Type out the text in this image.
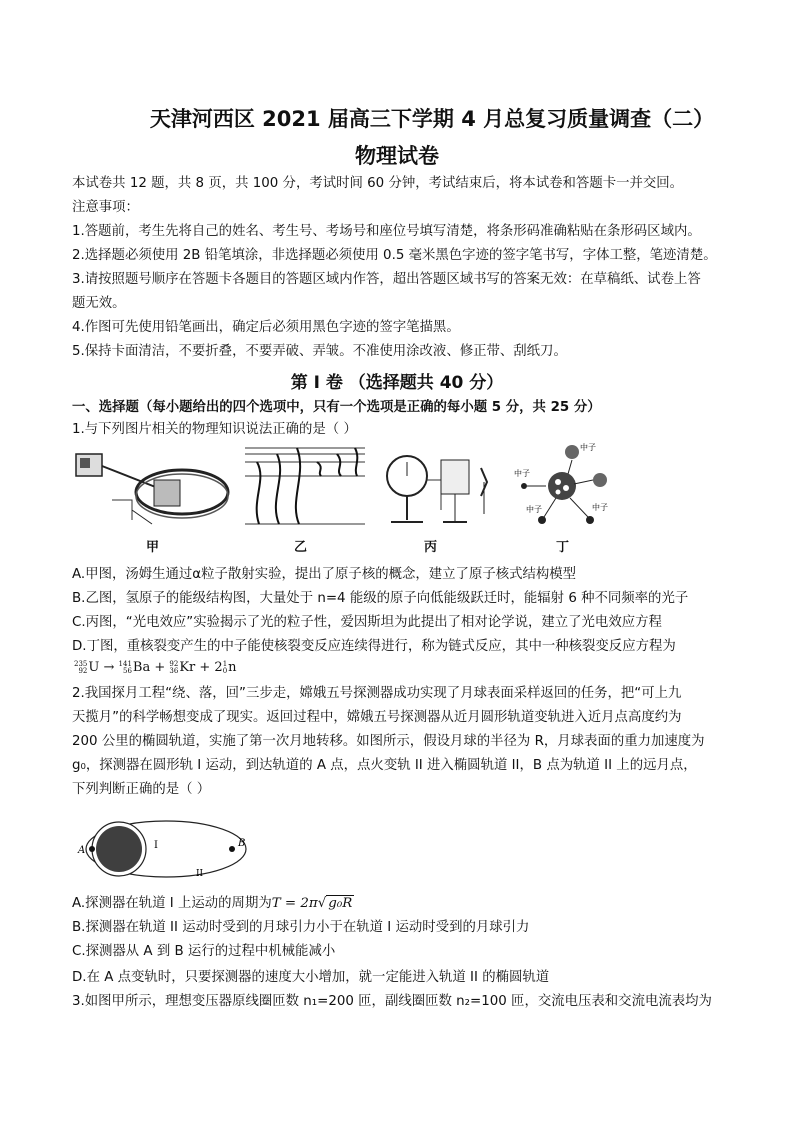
天津河西区 2021 届高三下学期 4 月总复习质量调查（二）
物理试卷
本试卷共 12 题，共 8 页，共 100 分，考试时间 60 分钟，考试结束后，将本试卷和答题卡一并交回。
注意事项：
1.答题前，考生先将自己的姓名、考生号、考场号和座位号填写清楚，将条形码准确粘贴在条形码区域内。
2.选择题必须使用 2B 铅笔填涂，非选择题必须使用 0.5 毫米黑色字迹的签字笔书写，字体工整，笔迹清楚。
3.请按照题号顺序在答题卡各题目的答题区域内作答，超出答题区域书写的答案无效：在草稿纸、试卷上答
题无效。
4.作图可先使用铅笔画出，确定后必须用黑色字迹的签字笔描黑。
5.保持卡面清洁，不要折叠，不要弄破、弄皱。不准使用涂改液、修正带、刮纸刀。
第 I 卷 （选择题共 40 分）
一、选择题（每小题给出的四个选项中，只有一个选项是正确的每小题 5 分，共 25 分）
1.与下列图片相关的物理知识说法正确的是（ ）
中子
中子
中子
中子
甲	乙	丙	丁
A.甲图，汤姆生通过α粒子散射实验，提出了原子核的概念，建立了原子核式结构模型
B.乙图，氢原子的能级结构图，大量处于 n=4 能级的原子向低能级跃迁时，能辐射 6 种不同频率的光子
C.丙图，“光电效应”实验揭示了光的粒子性，爱因斯坦为此提出了相对论学说，建立了光电效应方程
D.丁图，重核裂变产生的中子能使核裂变反应连续得进行，称为链式反应，其中一种核裂变反应方程为
235
92U → 141
56Ba + 92
36Kr + 21
0n
2.我国探月工程“绕、落，回”三步走，嫦娥五号探测器成功实现了月球表面采样返回的任务，把“可上九
天揽月”的科学畅想变成了现实。返回过程中，嫦娥五号探测器从近月圆形轨道变轨进入近月点高度约为
200 公里的椭圆轨道，实施了第一次月地转移。如图所示，假设月球的半径为 R，月球表面的重力加速度为
g₀，探测器在圆形轨 I 运动，到达轨道的 A 点，点火变轨 II 进入椭圆轨道 II，B 点为轨道 II 上的远月点，
下列判断正确的是（ ）
A
B
I
II
A.探测器在轨道 I 上运动的周期为T = 2π√ g₀R
B.探测器在轨道 II 运动时受到的月球引力小于在轨道 I 运动时受到的月球引力
C.探测器从 A 到 B 运行的过程中机械能减小
D.在 A 点变轨时，只要探测器的速度大小增加，就一定能进入轨道 II 的椭圆轨道
3.如图甲所示，理想变压器原线圈匝数 n₁=200 匝，副线圈匝数 n₂=100 匝，交流电压表和交流电流表均为
